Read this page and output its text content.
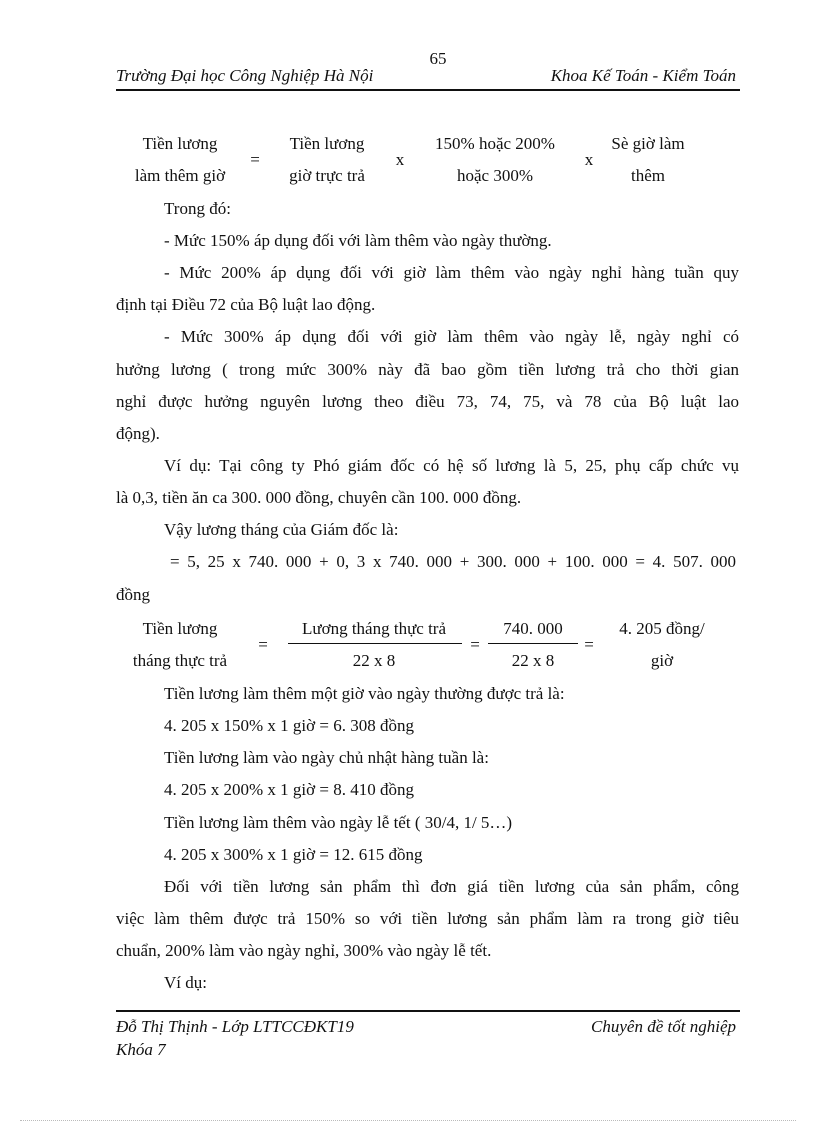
65
Trường Đại học Công Nghiệp Hà Nội	Khoa Kế Toán - Kiểm Toán
Tiền lương
làm thêm giờ
=
Tiền lương
giờ trực trả
x
150% hoặc 200%
hoặc 300%
x
Sè giờ làm
thêm
Trong đó:
- Mức 150% áp dụng đối với làm thêm vào ngày thường.
- Mức 200% áp dụng đối với giờ làm thêm vào ngày nghỉ hàng tuần quy
định tại Điều 72 của Bộ luật lao động.
- Mức 300% áp dụng đối với giờ làm thêm vào ngày lễ, ngày nghỉ có
hưởng lương ( trong mức 300% này đã bao gồm tiền lương trả cho thời gian
nghỉ được hưởng nguyên lương theo điều 73, 74, 75, và 78 của Bộ luật lao
động).
Ví dụ: Tại công ty Phó giám đốc có hệ số lương là 5, 25, phụ cấp chức vụ
là 0,3, tiền ăn ca 300. 000 đồng, chuyên cần 100. 000 đồng.
Vậy lương tháng của Giám đốc là:
= 5, 25 x 740. 000 + 0, 3 x 740. 000 + 300. 000 + 100. 000 = 4. 507. 000
đồng
Tiền lương
tháng thực trả
=
Lương tháng thực trả
22 x 8
=
740. 000
22 x 8
=
4. 205 đồng/
giờ
Tiền lương làm thêm một giờ vào ngày thường được trả là:
4. 205 x 150% x 1 giờ = 6. 308 đồng
Tiền lương làm vào ngày chủ nhật hàng tuần là:
4. 205 x 200% x 1 giờ = 8. 410 đồng
Tiền lương làm thêm vào ngày lễ tết ( 30/4, 1/ 5…)
4. 205 x 300% x 1 giờ = 12. 615 đồng
Đối với tiền lương sản phẩm thì đơn giá tiền lương của sản phẩm, công
việc làm thêm được trả 150% so với tiền lương sản phẩm làm ra trong giờ tiêu
chuẩn, 200% làm vào ngày nghỉ, 300% vào ngày lễ tết.
Ví dụ:
Đỗ Thị Thịnh - Lớp LTTCCĐKT19
Khóa 7
Chuyên đề tốt nghiệp
